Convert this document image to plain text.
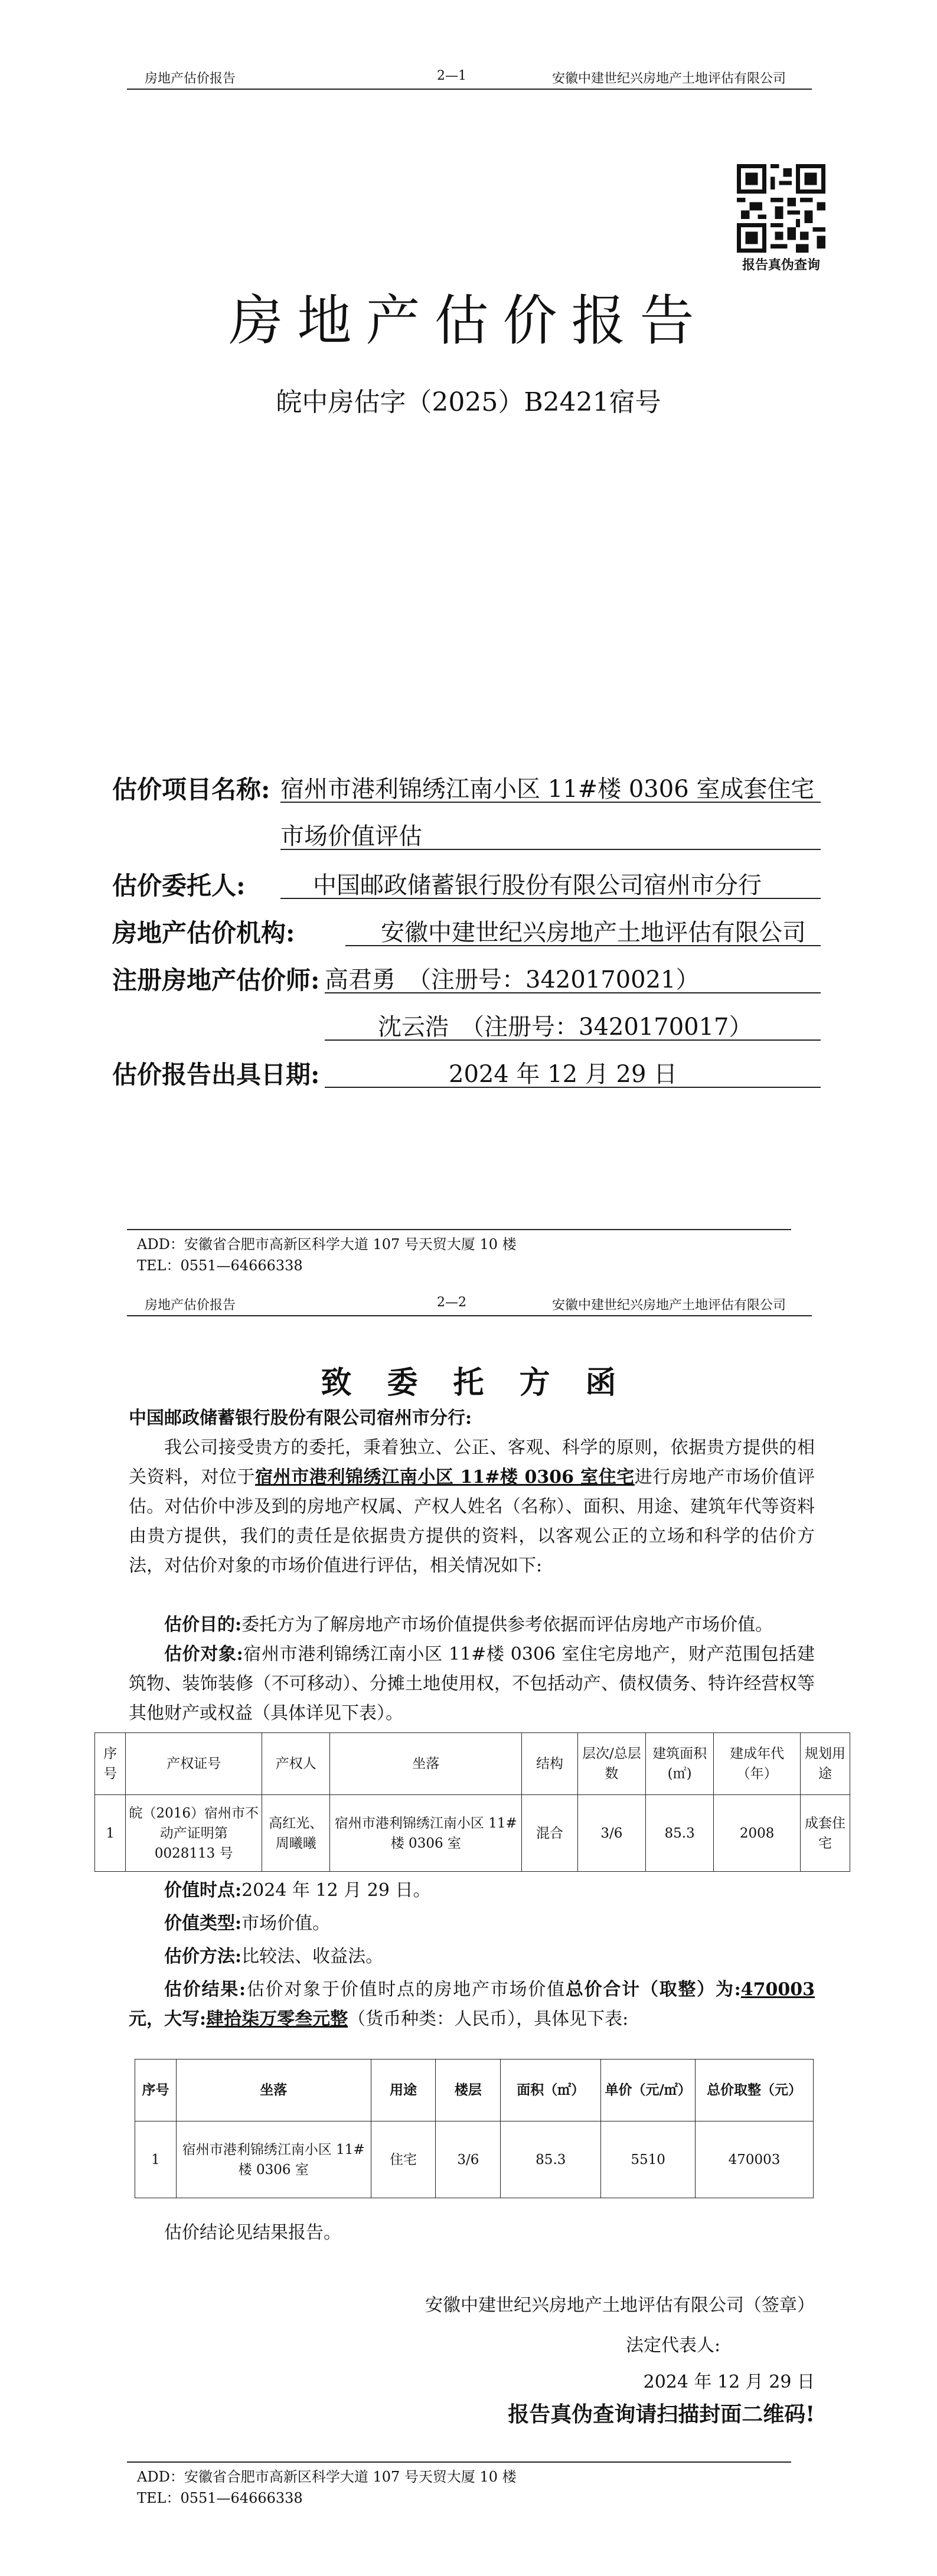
房地产估价报告	2—1	安徽中建世纪兴房地产土地评估有限公司
报告真伪查询
房地产估价报告
皖中房估字（2025）B2421宿号
估价项目名称: 宿州市港利锦绣江南小区 11#楼 0306 室成套住宅
市场价值评估
估价委托人:	中国邮政储蓄银行股份有限公司宿州市分行
房地产估价机构:	安徽中建世纪兴房地产土地评估有限公司
注册房地产估价师: 高君勇　（注册号：3420170021）
沈云浩　（注册号：3420170017）
估价报告出具日期:	2024 年 12 月 29 日
ADD：安徽省合肥市高新区科学大道 107 号天贸大厦 10 楼
TEL：0551—64666338
房地产估价报告	2—2	安徽中建世纪兴房地产土地评估有限公司
致委托方函
中国邮政储蓄银行股份有限公司宿州市分行:
我公司接受贵方的委托，秉着独立、公正、客观、科学的原则，依据贵方提供的相关资料，对位于宿州市港利锦绣江南小区 11#楼 0306 室住宅进行房地产市场价值评估。对估价中涉及到的房地产权属、产权人姓名（名称）、面积、用途、建筑年代等资料由贵方提供，我们的责任是依据贵方提供的资料，以客观公正的立场和科学的估价方法，对估价对象的市场价值进行评估，相关情况如下:
估价目的:委托方为了解房地产市场价值提供参考依据而评估房地产市场价值。
估价对象:宿州市港利锦绣江南小区 11#楼 0306 室住宅房地产，财产范围包括建筑物、装饰装修（不可移动）、分摊土地使用权，不包括动产、债权债务、特许经营权等其他财产或权益（具体详见下表）。
序号	产权证号	产权人	坐落	结构	层次/总层数	建筑面积(㎡)	建成年代（年）	规划用途
1	皖（2016）宿州市不动产证明第 0028113 号	高红光、周曦曦	宿州市港利锦绣江南小区 11#楼 0306 室	混合	3/6	85.3	2008	成套住宅
价值时点:2024 年 12 月 29 日。
价值类型:市场价值。
估价方法:比较法、收益法。
估价结果:估价对象于价值时点的房地产市场价值总价合计（取整）为:470003元，大写:肆拾柒万零叁元整（货币种类：人民币），具体见下表:
序号	坐落	用途	楼层	面积（㎡）	单价（元/㎡）	总价取整（元）
1	宿州市港利锦绣江南小区 11#楼 0306 室	住宅	3/6	85.3	5510	470003
估价结论见结果报告。
安徽中建世纪兴房地产土地评估有限公司（签章）
法定代表人:
2024 年 12 月 29 日
报告真伪查询请扫描封面二维码!
ADD：安徽省合肥市高新区科学大道 107 号天贸大厦 10 楼
TEL：0551—64666338
